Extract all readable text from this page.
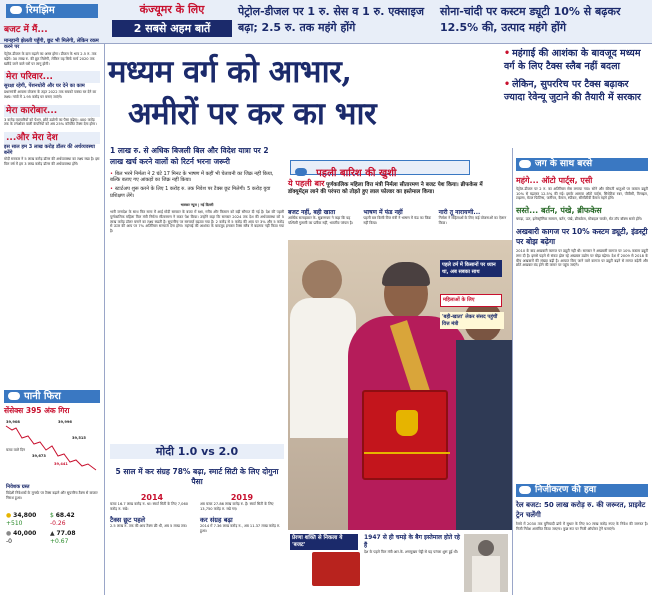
रिमझिम	कंज्यूमर के लिए
2 सबसे अहम बातें
पेट्रोल-डीजल पर 1 रु. सेस व 1 रु. एक्साइज बढ़ा; 2.5 रु. तक महंगे होंगे
सोना-चांदी पर कस्टम ड्यूटी 10% से बढ़कर 12.5% की, उत्पाद महंगे होंगे
मध्यम वर्ग को आभार,
अमीरों पर कर का भार
• महंगाई की आशंका के बावजूद मध्यम वर्ग के लिए टैक्स स्लैब नहीं बदला
• लेकिन, सुपररिच पर टैक्स बढ़ाकर ज्यादा रेवेन्यू जुटाने की तैयारी में सरकार
बजट में मैं...
मानहानी झेलती पहुँगी, छूट भी मिलेगी, लेकिन रकम करने पर
पेट्रोल-डीजल के दाम बढ़ाने का असर होगा। डीजल के भाव 2.5 रु. तक बढ़ेंगे। 30 लाख रु. की छूट मिलेगी, लेकिन यह सिर्फ मार्च 2020 तक खरीदे जाने वाले घरों पर लागू होगी।
मेरा परिवार...
सुरक्षा रहेगी, पेंशनधोरी और घर देने का काम
प्रधानमंत्री आवास योजना के तहत 2022 तक सबको पक्का घर देने का लक्ष्य। गांवों में 1.95 करोड़ घर बनाए जाएंगे।
मेरा कारोबार...
3 करोड़ व्यापारियों को पेंशन, छोटे उद्योगों का पैसा बढ़ेगा। 400 करोड़ तक के टर्नओवर वाली कंपनियों को अब 25% कॉर्पोरेट टैक्स देना होगा।
...और मेरा देश
इस साल हम 3 लाख करोड़ डॉलर की अर्थव्यवस्था बनेंगे
मोदी सरकार ने 5 लाख करोड़ डॉलर की अर्थव्यवस्था का लक्ष्य रखा है। इस वित्त वर्ष में हम 3 लाख करोड़ डॉलर की अर्थव्यवस्था होंगे।
पानी फिरा
सेंसेक्स 395 अंक गिरा
39,908	39,996
बजट वाले दिन
39,515
39,673
39,441
निवेशक ग्रस्त
विदेशी निवेशकों के मुनाफे पर टैक्स बढ़ाने और सुपररिच टैक्स से बाजार निराश हुआ।
● 34,800
+510$ 68.42
-0.26 ● 40,000
-0▲ 77.08
+0.67
1 लाख रु. से अधिक बिजली बिल और विदेश यात्रा पर 2 लाख खर्च करने वालों को रिटर्न भरना जरूरी
• बिल भरने निर्मला ने 2 घंटे 17 मिनट के भाषण में कहीं भी चेतावनी का जिक्र नहीं किया, बल्कि बताए गए आंकड़ों का जिक्र नहीं किया।
• स्टार्टअप शुरू करने के लिए 1 करोड़ रु. तक निवेश पर टैक्स छूट मिलेगी। 5 करोड़ युवा प्रशिक्षण लेंगे।
भास्कर न्यूज | नई दिल्ली
भारी जनादेश के साथ फिर सत्ता में आई मोदी सरकार के बजट में रक्षा, गरीब और किसान को बड़ी सौगात दी गई है। देश की पहली पूर्णकालिक महिला वित्त मंत्री निर्मला सीतारमण ने बजट पेश किया। उन्होंने कहा कि सरकार 2024 तक देश की अर्थव्यवस्था को 5 लाख करोड़ डॉलर बनाने का लक्ष्य रखती है। सुपररिच पर सरचार्ज बढ़ाया गया है। 2 करोड़ से 5 करोड़ की आय पर 3% और 5 करोड़ से ऊपर की आय पर 7% अतिरिक्त सरचार्ज देना होगा। महंगाई की आशंका के बावजूद इनकम टैक्स स्लैब में बदलाव नहीं किया गया है।
मोदी 1.0 vs 2.0
5 साल में कर संग्रह 78% बढ़ा, स्मार्ट सिटी के लिए दोगुना पैसा
2014
बजट 16.7 लाख करोड़ रु. था। स्मार्ट सिटी के लिए 7,060 करोड़ रु. रखे।
टैक्स छूट पहले
2.5 लाख रु. तक की आय टैक्स फ्री थी, अब 5 लाख तक।
2019
अब बजट 27.86 लाख करोड़ रु. है। स्मार्ट सिटी के लिए 13,750 करोड़ रु. रखे गए।
कर संग्रह बढ़ा
2014 में 7.36 लाख करोड़ रु., अब 11.37 लाख करोड़ रु. हुआ।
पहली बारिश की खुशी
ये पहली बार पूर्णकालिक महिला वित्त मंत्री निर्मला सीतारमण ने बजट पेश किया। ब्रीफकेस में डॉक्यूमेंट्स लाने की परंपरा को तोड़ते हुए लाल फोल्डर का इस्तेमाल किया।
बजट नहीं, बही खाता
आर्थिक सलाहकार के. सुब्रमण्यम ने कहा कि यह पश्चिमी गुलामी का प्रतीक नहीं, भारतीय परंपरा है।
भाषण में फंड नहीं
पहली बार किसी वित्त मंत्री ने भाषण में फंड का जिक्र नहीं किया।
नारी तू नारायणी...
निर्मला ने महिलाओं के लिए कई योजनाओं का ऐलान किया।
पहले टर्म में किसानों पर ध्यान था, अब सबका साथ
महिलाओं के लिए
'बही-खाता' लेकर संसद पहुंचीं वित्त मंत्री
प्रेरणा शक्ति से निकला ये 'बजट'
1947 से ही चमड़े के बैग इस्तेमाल होते रहे हैं
देश के पहले वित्त मंत्री आर.के. शणमुखम चेट्टी से यह परंपरा शुरू हुई थी।
जग के साथ बरसे
महंगे... ऑटो पार्ट्स, एसी
पेट्रोल-डीजल पर 2 रु. का अतिरिक्त सेस लगाया गया। सोने और कीमती धातुओं पर कस्टम ड्यूटी 10% से बढ़ाकर 12.5% की गई। इसके अलावा ऑटो पार्ट्स, सिंथेटिक रबर, पीवीसी, विनाइल, टाइल्स, मेटल फिटिंग्स, फर्नीचर, कैमरा, स्पीकर, सीसीटीवी कैमरा महंगे होंगे।
सस्ते... बर्तन, पंखे, ब्रीफकेस
चमड़ा, ऊन, इलेक्ट्रॉनिक सामान, बर्तन, पंखे, ब्रीफकेस, मोबाइल चार्जर, सेट टॉप बॉक्स सस्ते होंगे।
अखबारी कागज पर 10% कस्टम ड्यूटी, इंडस्ट्री पर बोझ बढ़ेगा
2010 के बाद अखबारी कागज पर ड्यूटी नहीं थी। सरकार ने अखबारी कागज पर 10% कस्टम ड्यूटी लगा दी है। इससे पहले से संकट झेल रहे अखबार उद्योग पर बोझ बढ़ेगा। देश में 2009 से 2018 के बीच अखबारों की संख्या बढ़ी है। आयात किए जाने वाले कागज पर ड्यूटी बढ़ने से लागत बढ़ेगी और छोटे अखबार बंद होने की कगार पर पहुंच जाएंगे।
निजीकरण की हवा
रेल बजट: 50 लाख करोड़ रु. की जरूरत, प्राइवेट ट्रेन चलेंगी
रेलवे में 2030 तक बुनियादी ढांचे में सुधार के लिए 50 लाख करोड़ रुपए के निवेश की जरूरत है। निजी निवेश आमंत्रित किया जाएगा। कुछ रूट पर निजी ऑपरेटर ट्रेनें चलाएंगे।
